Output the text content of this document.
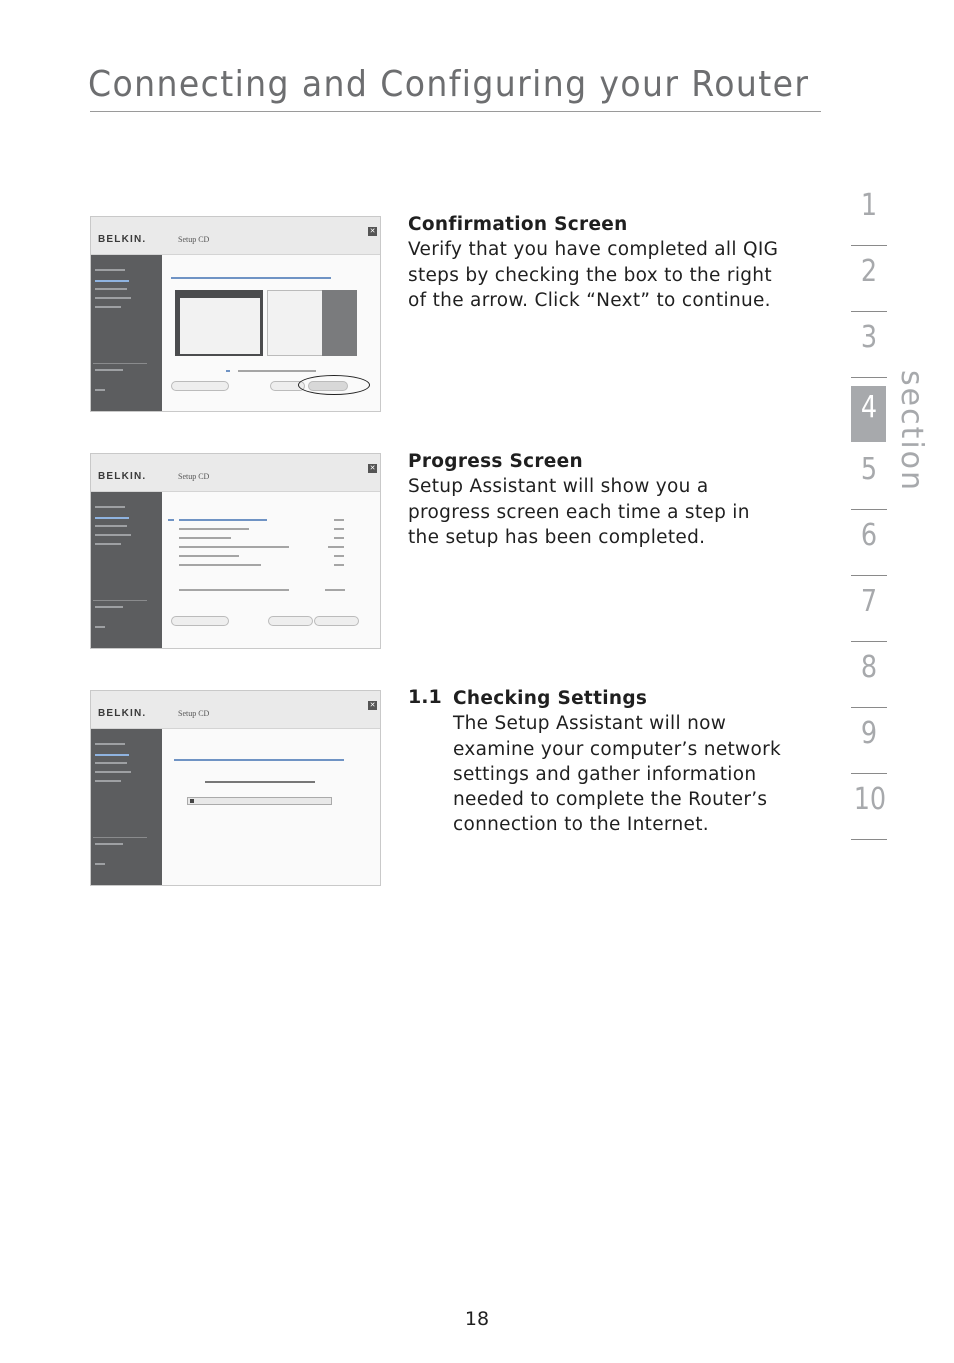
Connecting and Configuring your Router
1
2
3
4
5
6
7
8
9
10
section
BELKIN.	Setup CD
✕
BELKIN.	Setup CD
✕
BELKIN.	Setup CD
✕
Confirmation Screen
Verify that you have completed all QIG
steps by checking the box to the right
of the arrow. Click “Next” to continue.
Progress Screen
Setup Assistant will show you a
progress screen each time a step in
the setup has been completed.
1.1 Checking Settings
The Setup Assistant will now
examine your computer’s network
settings and gather information
needed to complete the Router’s
connection to the Internet.
18
